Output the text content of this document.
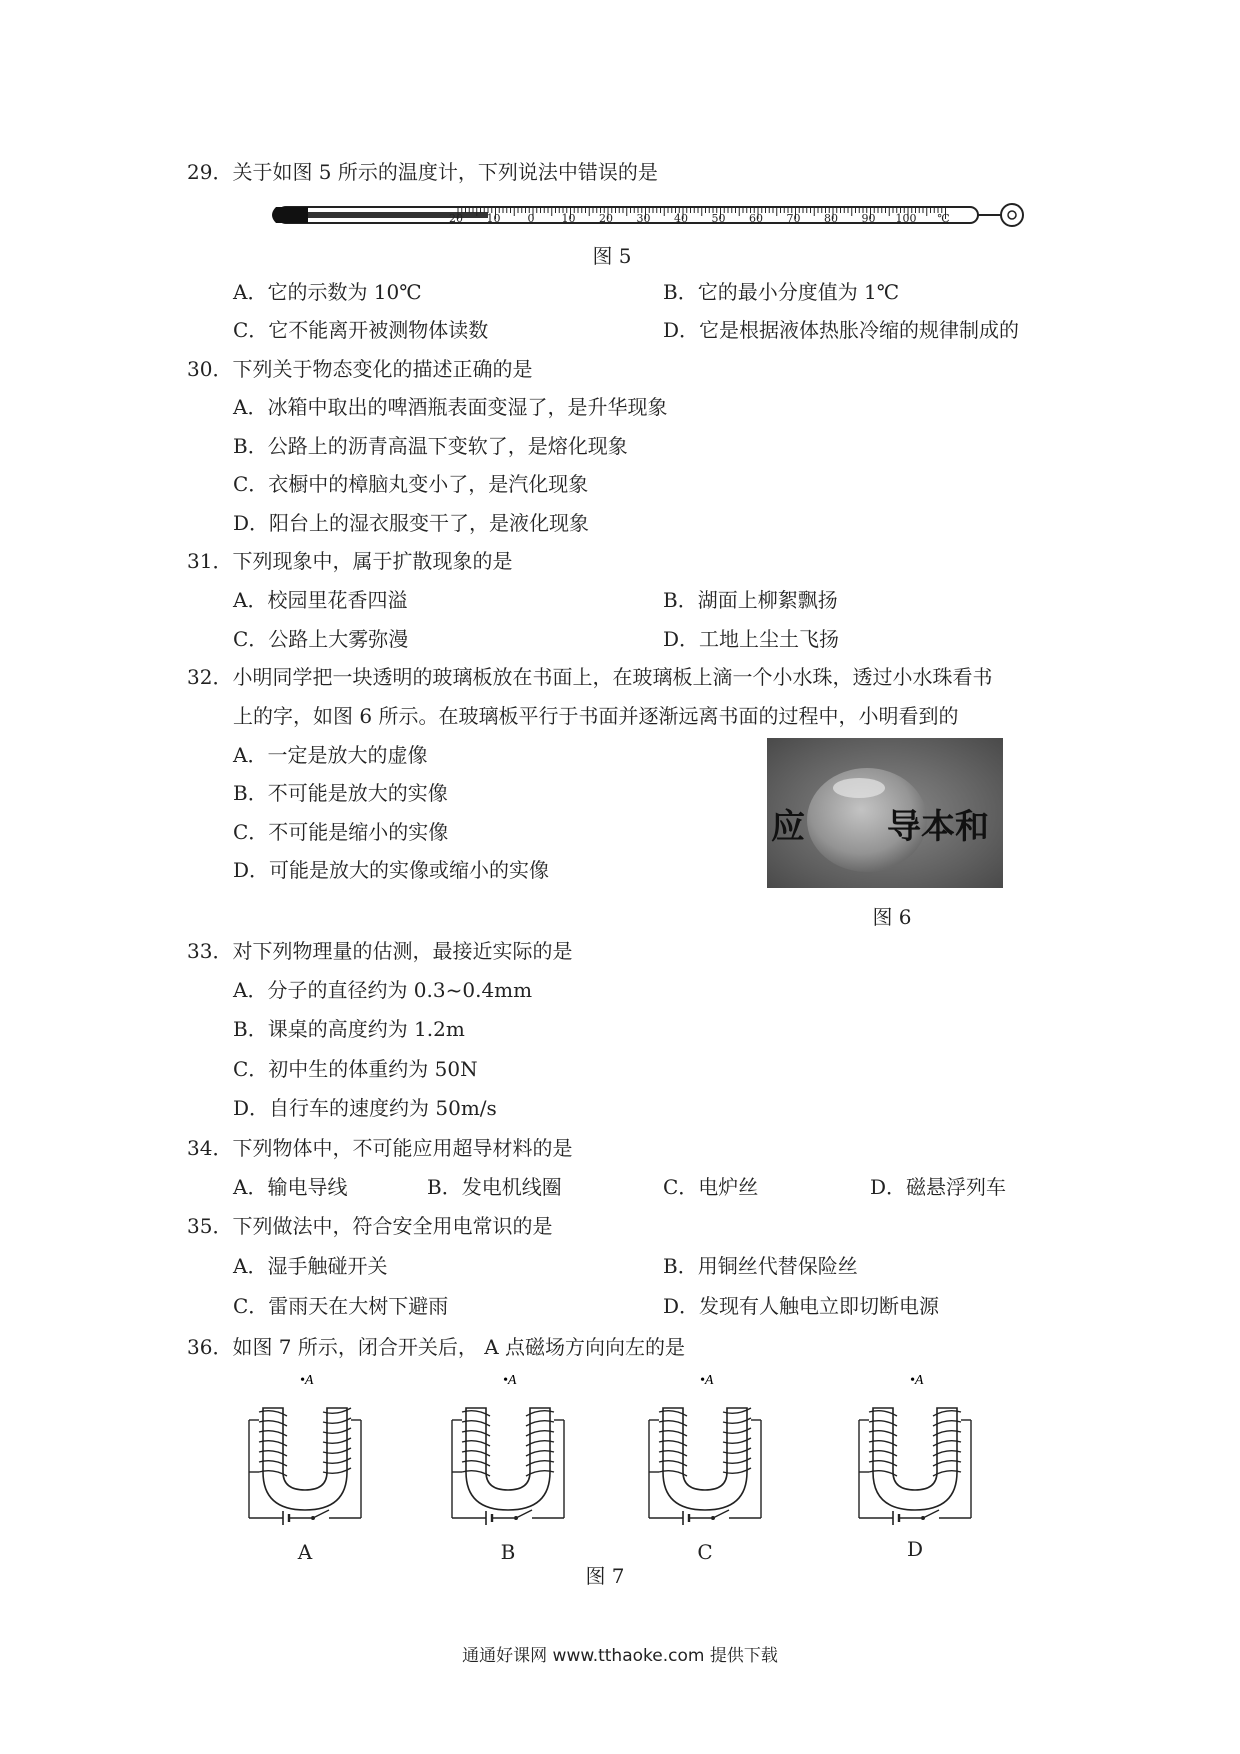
29．关于如图 5 所示的温度计，下列说法中错误的是
20 10 0 10 20 30 40 50 60 70 80 90 100 ℃
图 5
A．它的示数为 10℃	B．它的最小分度值为 1℃
C．它不能离开被测物体读数	D．它是根据液体热胀冷缩的规律制成的
30．下列关于物态变化的描述正确的是
A．冰箱中取出的啤酒瓶表面变湿了，是升华现象
B．公路上的沥青高温下变软了，是熔化现象
C．衣橱中的樟脑丸变小了，是汽化现象
D．阳台上的湿衣服变干了，是液化现象
31．下列现象中，属于扩散现象的是
A．校园里花香四溢	B．湖面上柳絮飘扬
C．公路上大雾弥漫	D．工地上尘土飞扬
32．小明同学把一块透明的玻璃板放在书面上，在玻璃板上滴一个小水珠，透过小水珠看书
上的字，如图 6 所示。在玻璃板平行于书面并逐渐远离书面的过程中，小明看到的
A．一定是放大的虚像
B．不可能是放大的实像
C．不可能是缩小的实像
D．可能是放大的实像或缩小的实像
应 导本和
图 6
33．对下列物理量的估测，最接近实际的是
A．分子的直径约为 0.3~0.4mm
B．课桌的高度约为 1.2m
C．初中生的体重约为 50N
D．自行车的速度约为 50m/s
34．下列物体中，不可能应用超导材料的是
A．输电导线	B．发电机线圈	C．电炉丝	D．磁悬浮列车
35．下列做法中，符合安全用电常识的是
A．湿手触碰开关	B．用铜丝代替保险丝
C．雷雨天在大树下避雨	D．发现有人触电立即切断电源
36．如图 7 所示，闭合开关后， A 点磁场方向向左的是
•A
A
•A
B
•A
C
•A
D
图 7
通通好课网 www.tthaoke.com 提供下载
